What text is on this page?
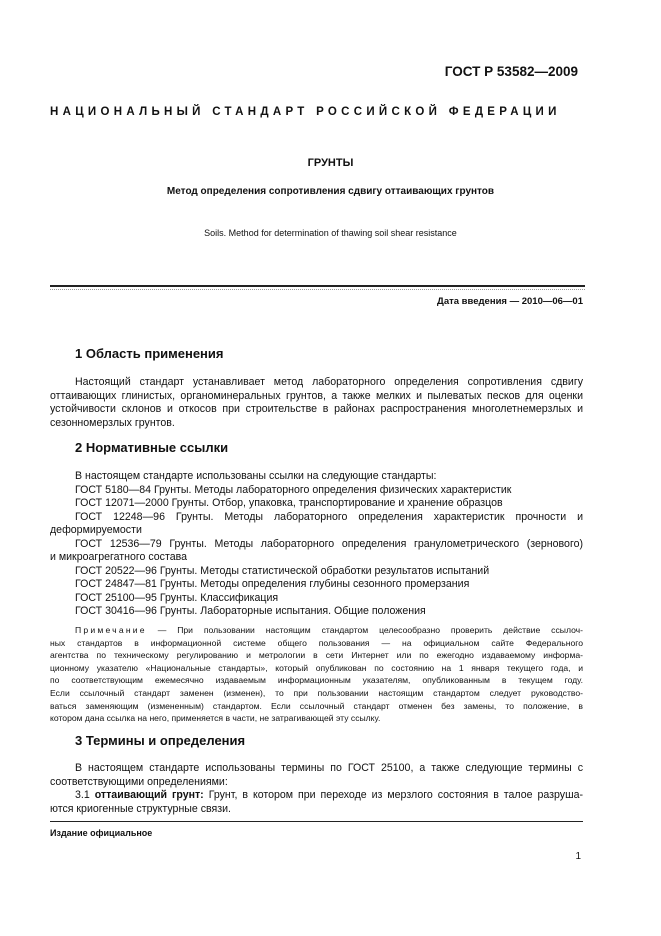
ГОСТ Р 53582—2009
НАЦИОНАЛЬНЫЙ СТАНДАРТ РОССИЙСКОЙ ФЕДЕРАЦИИ
ГРУНТЫ
Метод определения сопротивления сдвигу оттаивающих грунтов
Soils. Method for determination of thawing soil shear resistance
Дата введения — 2010—06—01
1 Область применения
Настоящий стандарт устанавливает метод лабораторного определения сопротивления сдвигу
оттаивающих глинистых, органоминеральных грунтов, а также мелких и пылеватых песков для оценки
устойчивости склонов и откосов при строительстве в районах распространения многолетнемерзлых и
сезонномерзлых грунтов.
2 Нормативные ссылки
В настоящем стандарте использованы ссылки на следующие стандарты:
ГОСТ 5180—84 Грунты. Методы лабораторного определения физических характеристик
ГОСТ 12071—2000 Грунты. Отбор, упаковка, транспортирование и хранение образцов
ГОСТ 12248—96 Грунты. Методы лабораторного определения характеристик прочности и
деформируемости
ГОСТ 12536—79 Грунты. Методы лабораторного определения гранулометрического (зернового)
и микроагрегатного состава
ГОСТ 20522—96 Грунты. Методы статистической обработки результатов испытаний
ГОСТ 24847—81 Грунты. Методы определения глубины сезонного промерзания
ГОСТ 25100—95 Грунты. Классификация
ГОСТ 30416—96 Грунты. Лабораторные испытания. Общие положения
Примечание — При пользовании настоящим стандартом целесообразно проверить действие ссылоч-
ных стандартов в информационной системе общего пользования — на официальном сайте Федерального
агентства по техническому регулированию и метрологии в сети Интернет или по ежегодно издаваемому информа-
ционному указателю «Национальные стандарты», который опубликован по состоянию на 1 января текущего года, и
по соответствующим ежемесячно издаваемым информационным указателям, опубликованным в текущем году.
Если ссылочный стандарт заменен (изменен), то при пользовании настоящим стандартом следует руководство-
ваться заменяющим (измененным) стандартом. Если ссылочный стандарт отменен без замены, то положение, в
котором дана ссылка на него, применяется в части, не затрагивающей эту ссылку.
3 Термины и определения
В настоящем стандарте использованы термины по ГОСТ 25100, а также следующие термины с
соответствующими определениями:
3.1 оттаивающий грунт: Грунт, в котором при переходе из мерзлого состояния в талое разруша-
ются криогенные структурные связи.
Издание официальное
1
